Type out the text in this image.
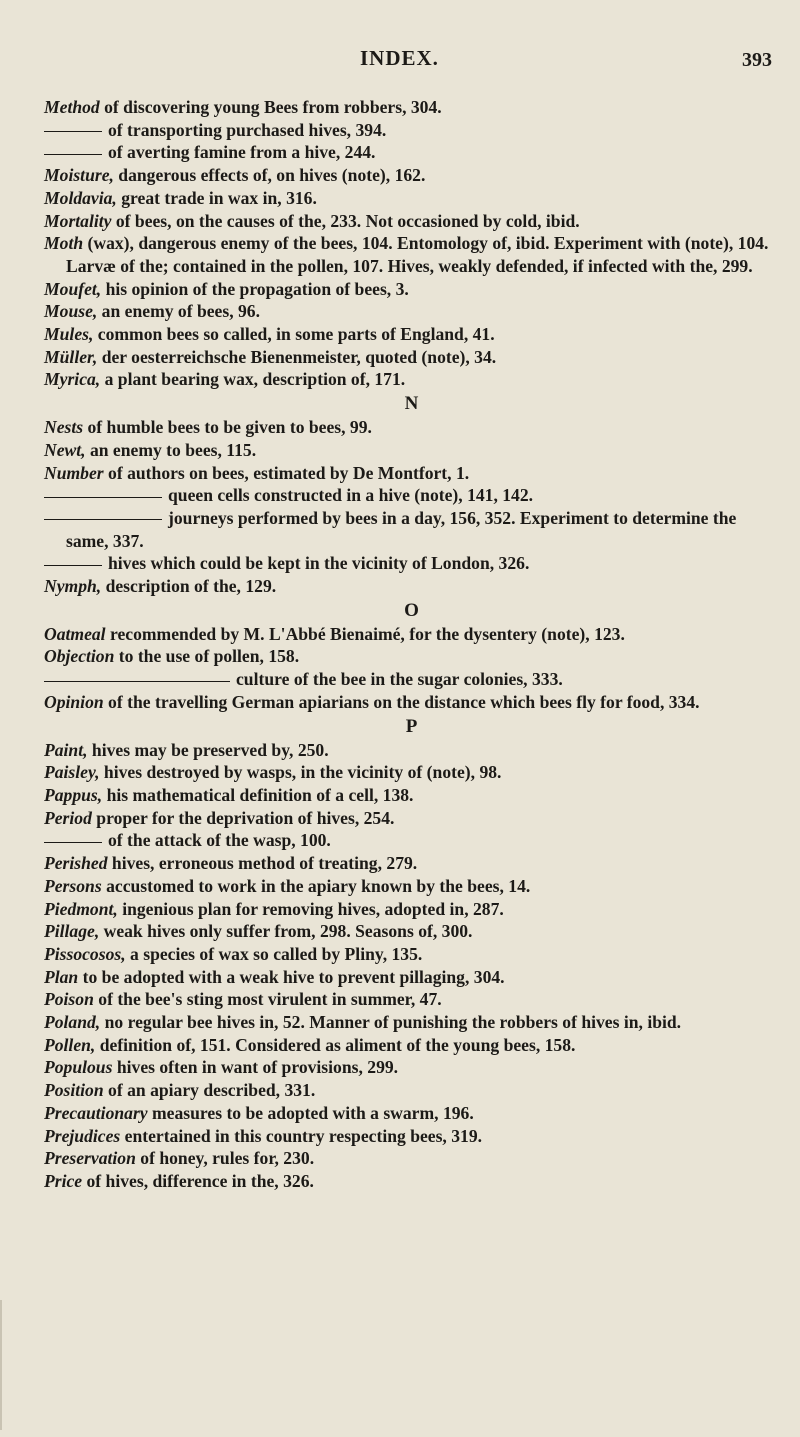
INDEX.	393

Method of discovering young Bees from robbers, 304.

of transporting purchased hives, 394.

of averting famine from a hive, 244.

Moisture, dangerous effects of, on hives (note), 162.

Moldavia, great trade in wax in, 316.

Mortality of bees, on the causes of the, 233. Not occasioned by cold, ibid.

Moth (wax), dangerous enemy of the bees, 104. Entomology of, ibid. Experiment with (note), 104. Larvæ of the; contained in the pollen, 107. Hives, weakly defended, if infected with the, 299.

Moufet, his opinion of the propagation of bees, 3.

Mouse, an enemy of bees, 96.

Mules, common bees so called, in some parts of England, 41.

Müller, der oesterreichsche Bienenmeister, quoted (note), 34.

Myrica, a plant bearing wax, description of, 171.

N

Nests of humble bees to be given to bees, 99.

Newt, an enemy to bees, 115.

Number of authors on bees, estimated by De Montfort, 1.

queen cells constructed in a hive (note), 141, 142.

journeys performed by bees in a day, 156, 352. Experiment to determine the same, 337.

hives which could be kept in the vicinity of London, 326.

Nymph, description of the, 129.

O

Oatmeal recommended by M. L'Abbé Bienaimé, for the dysentery (note), 123.

Objection to the use of pollen, 158.

culture of the bee in the sugar colonies, 333.

Opinion of the travelling German apiarians on the distance which bees fly for food, 334.

P

Paint, hives may be preserved by, 250.

Paisley, hives destroyed by wasps, in the vicinity of (note), 98.

Pappus, his mathematical definition of a cell, 138.

Period proper for the deprivation of hives, 254.

of the attack of the wasp, 100.

Perished hives, erroneous method of treating, 279.

Persons accustomed to work in the apiary known by the bees, 14.

Piedmont, ingenious plan for removing hives, adopted in, 287.

Pillage, weak hives only suffer from, 298. Seasons of, 300.

Pissocosos, a species of wax so called by Pliny, 135.

Plan to be adopted with a weak hive to prevent pillaging, 304.

Poison of the bee's sting most virulent in summer, 47.

Poland, no regular bee hives in, 52. Manner of punishing the robbers of hives in, ibid.

Pollen, definition of, 151. Considered as aliment of the young bees, 158.

Populous hives often in want of provisions, 299.

Position of an apiary described, 331.

Precautionary measures to be adopted with a swarm, 196.

Prejudices entertained in this country respecting bees, 319.

Preservation of honey, rules for, 230.

Price of hives, difference in the, 326.
